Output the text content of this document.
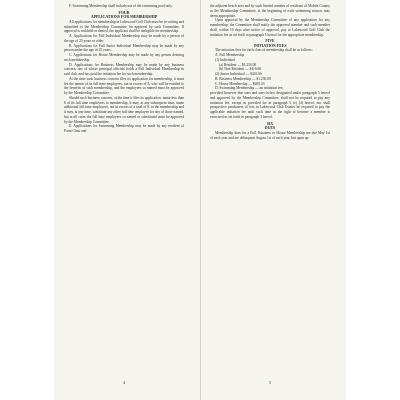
F. Swimming Membership shall include use of the swimming pool only.

FOUR

APPLICATIONS FOR MEMBERSHIP

All applications for membership in Lakewood Golf Club must be in writing and submitted to the Membership Committee for approval by such Committee. If approval is withheld or denied, the applicant shall be ineligible for membership.

A. Applications for Full Individual Membership may be made by a person of the age of 25 years or older.

B. Applications for Full Junior Individual Membership may be made by any person under the age of 25 years.

C. Applications for House Membership may be made by any person desiring such membership.

D. Applications for Business Membership may be made by any business concern, one of whose principal officials holds a Full Individual Membership in said club, and has paid the initiation fee for such membership.

At the time such business concern files its application for membership, it must list the names of its full time employees, not in excess of 8, who will be entitled to the benefits of such membership, and the employees so named must be approved by the Membership Committee.

Should such business concern, at the time it files its application, name less than 8 of its full time employees to membership, it may, at any subsequent time, name additional full time employees, not in excess of a total of 8, to the membership and it may, at any time, substitute any other full time employee for any of those named, but in all cases the full time employees so named or substituted must be approved by the Membership Committee.

E. Applications for Swimming Membership may be made by any resident of Point Clear and

4

the adjacent beach area and by such limited number of residents of Mobile County as the Membership Committee, at the beginning of each swimming season, may deem appropriate.

Upon approval by the Membership Committee of any application for any membership, the Committee shall notify the approved member and such member shall, within 10 days after notice of approval, pay to Lakewood Golf Club the initiation fee as set forth in paragraph 5 hereof for the appropriate membership.

FIVE

INITIATION FEES

The initiation fees for each class of membership shall be as follows:

A. Full Membership

(1) Individual

(a) Resident — $1,250.00

(b) Non-Resident — $416.66

(2) Junior Individual — $416.66

B. Business Membership — $1,250.00

C. House Membership — $208.33

D. Swimming Membership — no initiation fee,

provided however that sons and sons-in-law designated under paragraph 3 hereof and approved by the Membership Committee, shall not be required to pay any initiation fee, except as provided for in paragraph 3 (e) (4) hereof, nor shall prospective purchasers of lots in Lakewood Club Estates be required to pay the applicable initiation fee until such time as the right to become a member is exercised as set forth in paragraph 3 hereof.

SIX

DUES

Membership dues for a Full, Business or House Membership are due May 1st of each year and are delinquent August 1st of each year, but upon ap-

5
